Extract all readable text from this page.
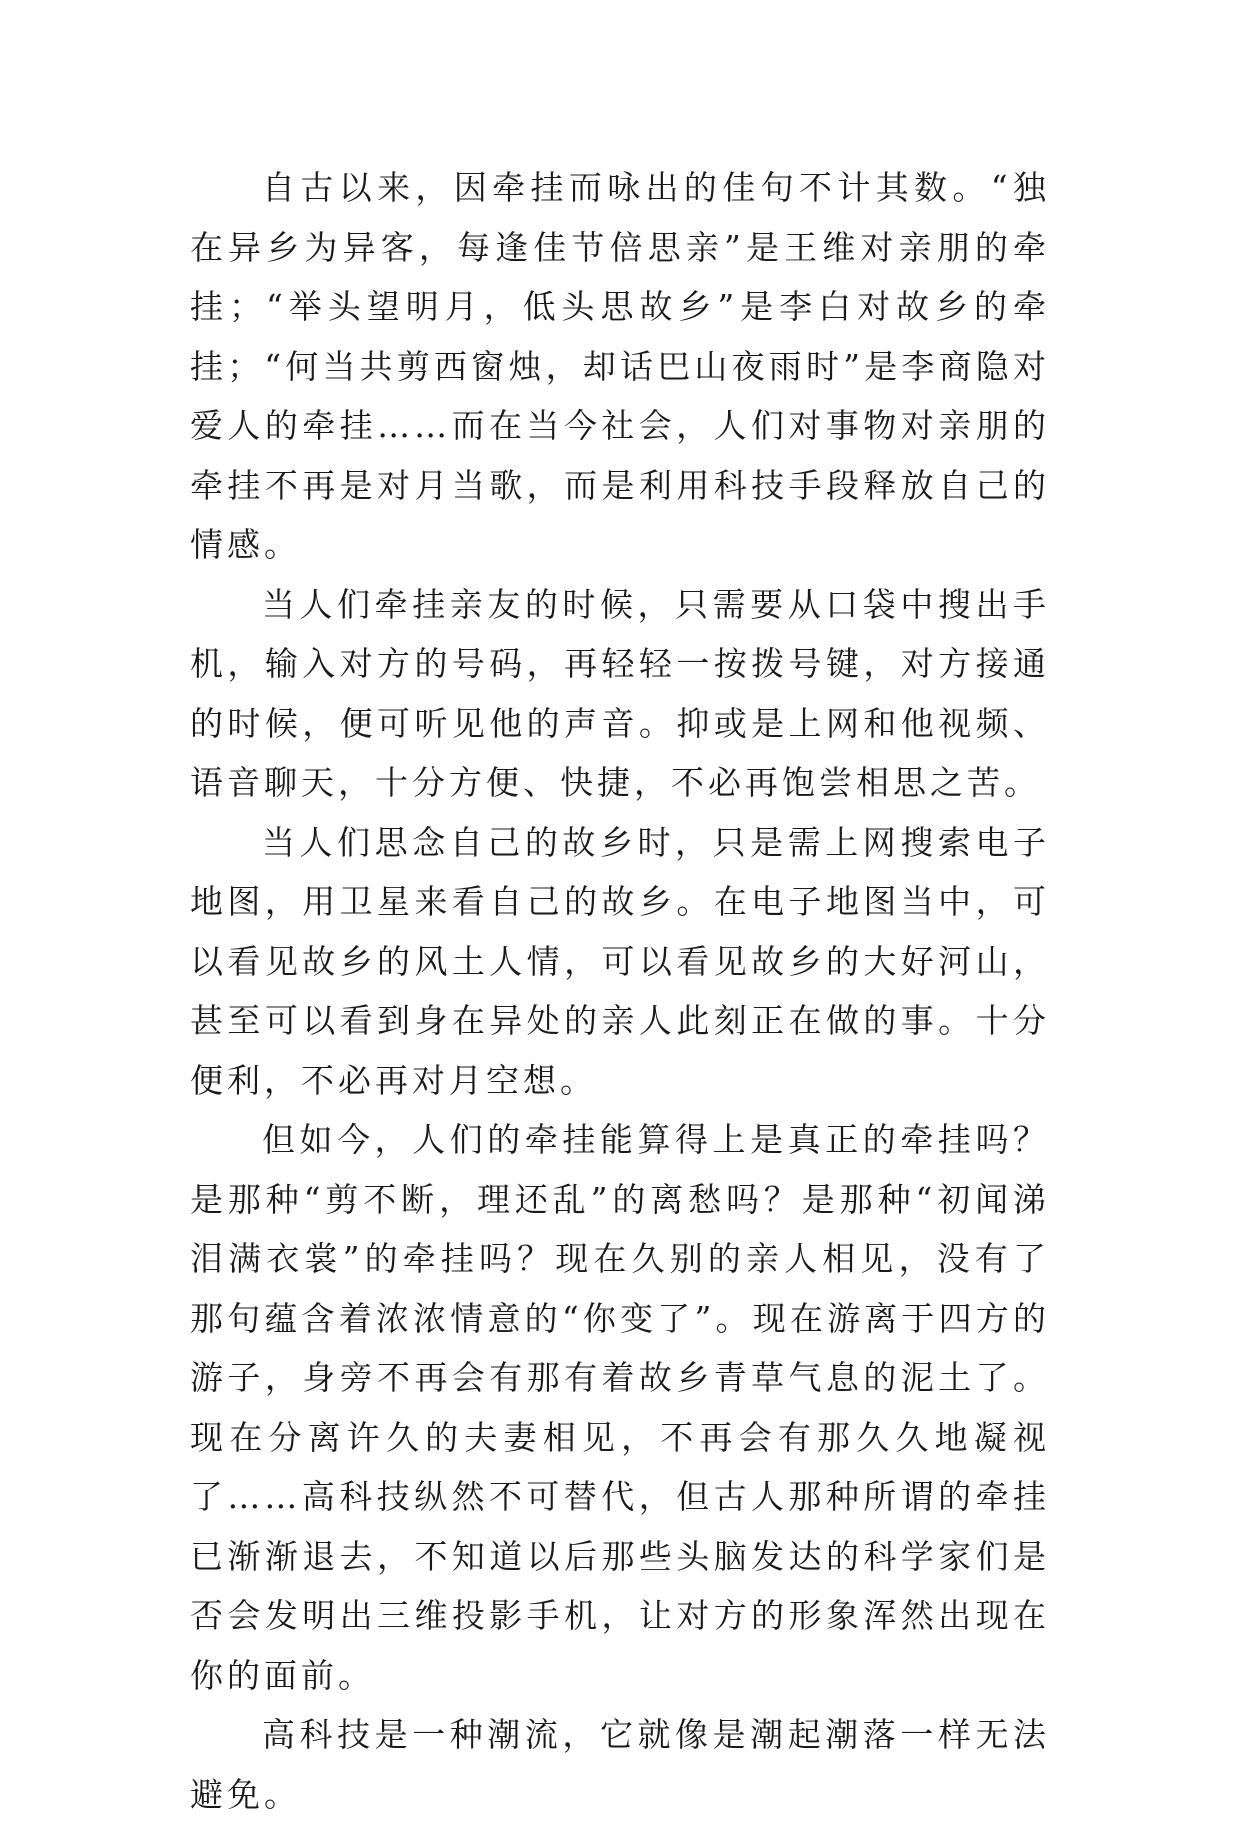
自古以来，因牵挂而咏出的佳句不计其数。“独在异乡为异客，每逢佳节倍思亲”是王维对亲朋的牵挂；“举头望明月，低头思故乡”是李白对故乡的牵挂；“何当共剪西窗烛，却话巴山夜雨时”是李商隐对爱人的牵挂……而在当今社会，人们对事物对亲朋的牵挂不再是对月当歌，而是利用科技手段释放自己的情感。

当人们牵挂亲友的时候，只需要从口袋中搜出手机，输入对方的号码，再轻轻一按拨号键，对方接通的时候，便可听见他的声音。抑或是上网和他视频、语音聊天，十分方便、快捷，不必再饱尝相思之苦。

当人们思念自己的故乡时，只是需上网搜索电子地图，用卫星来看自己的故乡。在电子地图当中，可以看见故乡的风土人情，可以看见故乡的大好河山，甚至可以看到身在异处的亲人此刻正在做的事。十分便利，不必再对月空想。

但如今，人们的牵挂能算得上是真正的牵挂吗？是那种“剪不断，理还乱”的离愁吗？是那种“初闻涕泪满衣裳”的牵挂吗？现在久别的亲人相见，没有了那句蕴含着浓浓情意的“你变了”。现在游离于四方的游子，身旁不再会有那有着故乡青草气息的泥土了。现在分离许久的夫妻相见，不再会有那久久地凝视了……高科技纵然不可替代，但古人那种所谓的牵挂已渐渐退去，不知道以后那些头脑发达的科学家们是否会发明出三维投影手机，让对方的形象浑然出现在你的面前。

高科技是一种潮流，它就像是潮起潮落一样无法避免。
